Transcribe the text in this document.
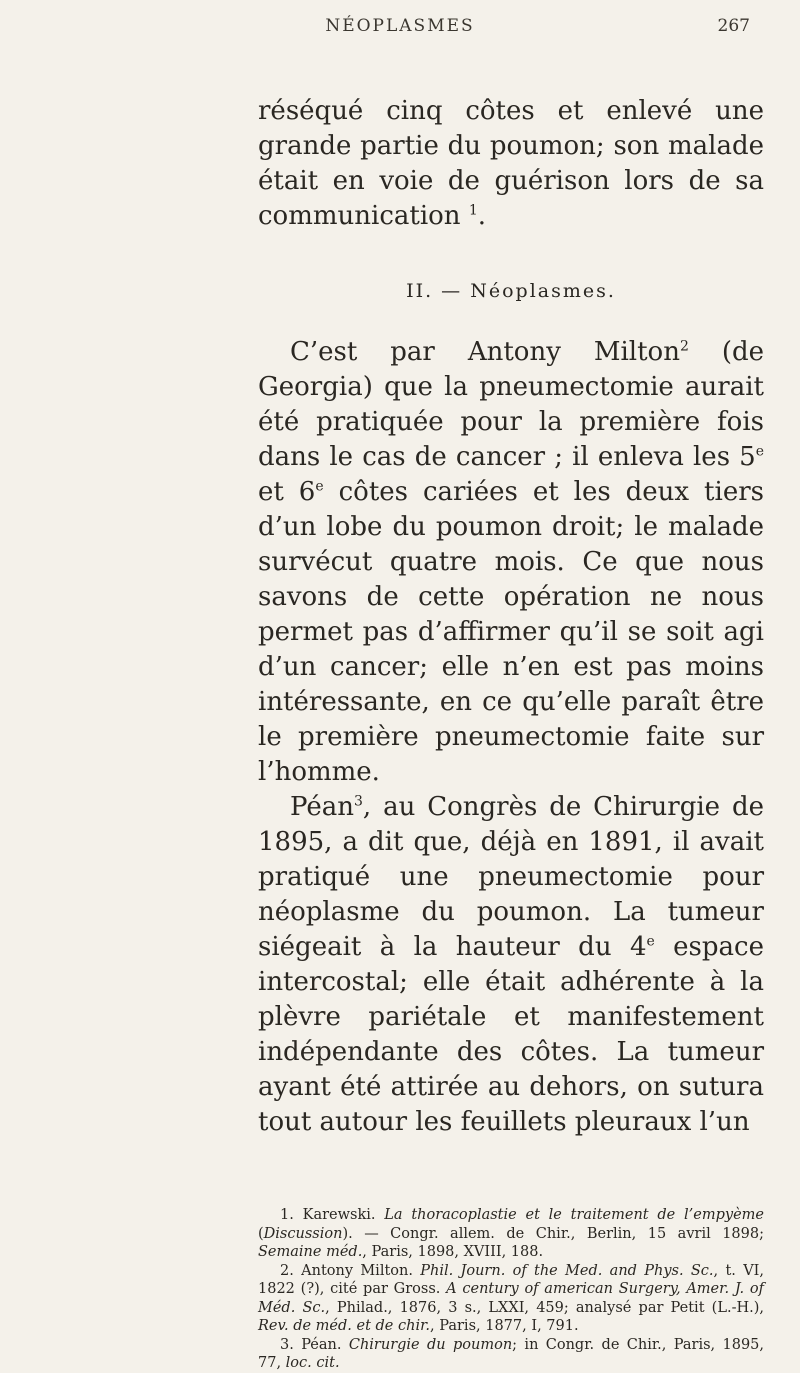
NÉOPLASMES	267

réséqué cinq côtes et enlevé une grande partie du poumon; son malade était en voie de guérison lors de sa communication $^1$.

II. — Néoplasmes.

C’est par Antony Milton$^2$ (de Georgia) que la pneumectomie aurait été pratiquée pour la première fois dans le cas de cancer ; il enleva les 5e et 6e côtes cariées et les deux tiers d’un lobe du poumon droit; le malade survécut quatre mois. Ce que nous savons de cette opération ne nous permet pas d’affirmer qu’il se soit agi d’un cancer; elle n’en est pas moins intéressante, en ce qu’elle paraît être le première pneumectomie faite sur l’homme.

Péan$^3$, au Congrès de Chirurgie de 1895, a dit que, déjà en 1891, il avait pratiqué une pneumectomie pour néoplasme du poumon. La tumeur siégeait à la hauteur du 4e espace intercostal; elle était adhérente à la plèvre pariétale et manifestement indépendante des côtes. La tumeur ayant été attirée au dehors, on sutura tout autour les feuillets pleuraux l’un

1. Karewski. La thoracoplastie et le traitement de l’empyème (Discussion). — Congr. allem. de Chir., Berlin, 15 avril 1898; Semaine méd., Paris, 1898, XVIII, 188.

2. Antony Milton. Phil. Journ. of the Med. and Phys. Sc., t. VI, 1822 (?), cité par Gross. A century of american Surgery, Amer. J. of Méd. Sc., Philad., 1876, 3 s., LXXI, 459; analysé par Petit (L.-H.), Rev. de méd. et de chir., Paris, 1877, I, 791.

3. Péan. Chirurgie du poumon; in Congr. de Chir., Paris, 1895, 77, loc. cit.
